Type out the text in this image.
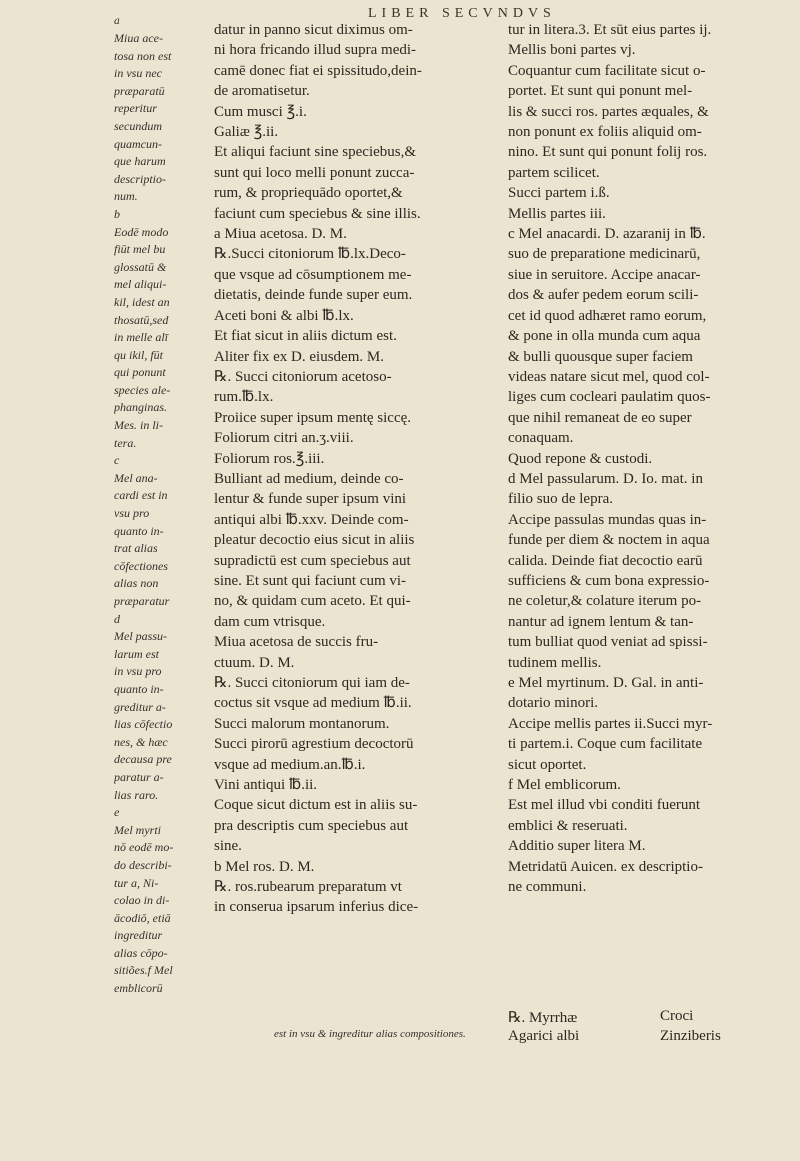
LIBER SECVNDVS
a
Miua ace-
tosa non est
in vsu nec
præparatū
reperitur
secundum
quamcun-
que harum
descriptio-
num.
b
Eodē modo
fiūt mel bu
glossatū &
mel aliqui-
kil, idest an
thosatū,sed
in melle alī
qu ikil, fūt
qui ponunt
species ale-
phanginas.
Mes. in li-
tera.
c
Mel ana-
cardi est in
vsu pro
quanto in-
trat alias
cōfectiones
alias non
præparatur
d
Mel passu-
larum est
in vsu pro
quanto in-
greditur a-
lias cōfectio
nes, & hæc
decausa pre
paratur a-
lias raro.
e
Mel myrti
nō eodē mo-
do describi-
tur a, Ni-
colao in di-
ācodiō, etiā
ingreditur
alias cōpo-
sitiões.f Mel
emblicorū
datur in panno sicut diximus om-
ni hora fricando illud supra medi-
camē donec fiat ei spissitudo,dein-
de aromatisetur.
Cum musci ℥.i.
Galiæ ℥.ii.
Et aliqui faciunt sine speciebus,&
sunt qui loco melli ponunt zucca-
rum, & propriequādo oportet,&
faciunt cum speciebus & sine illis.
a Miua acetosa. D. M.
℞.Succi citoniorum ℔.lx.Deco-
que vsque ad cōsumptionem me-
dietatis, deinde funde super eum.
Aceti boni & albi ℔.lx.
Et fiat sicut in aliis dictum est.
Aliter fix ex D. eiusdem. M.
℞. Succi citoniorum acetoso-
rum.℔.lx.
Proiice super ipsum mentę siccę.
Foliorum citri an.ʒ.viii.
Foliorum ros.℥.iii.
Bulliant ad medium, deinde co-
lentur & funde super ipsum vini
antiqui albi ℔.xxv. Deinde com-
pleatur decoctio eius sicut in aliis
supradictū est cum speciebus aut
sine. Et sunt qui faciunt cum vi-
no, & quidam cum aceto. Et qui-
dam cum vtrisque.
Miua acetosa de succis fru-
ctuum. D. M.
℞. Succi citoniorum qui iam de-
coctus sit vsque ad medium ℔.ii.
Succi malorum montanorum.
Succi pirorū agrestium decoctorū
vsque ad medium.an.℔.i.
Vini antiqui ℔.ii.
Coque sicut dictum est in aliis su-
pra descriptis cum speciebus aut
sine.
b Mel ros. D. M.
℞. ros.rubearum preparatum vt
in conserua ipsarum inferius dice-
est in vsu & ingreditur alias compositiones.
tur in litera.3. Et sūt eius partes ij.
Mellis boni partes vj.
Coquantur cum facilitate sicut o-
portet. Et sunt qui ponunt mel-
lis & succi ros. partes æquales, &
non ponunt ex foliis aliquid om-
nino. Et sunt qui ponunt folij ros.
partem scilicet.
Succi partem i.ß.
Mellis partes iii.
c Mel anacardi. D. azaranij in ℔.
suo de preparatione medicinarū,
siue in seruitore. Accipe anacar-
dos & aufer pedem eorum scili-
cet id quod adhæret ramo eorum,
& pone in olla munda cum aqua
& bulli quousque super faciem
videas natare sicut mel, quod col-
liges cum cocleari paulatim quos-
que nihil remaneat de eo super
conaquam.
Quod repone & custodi.
d Mel passularum. D. Io. mat. in
filio suo de lepra.
Accipe passulas mundas quas in-
funde per diem & noctem in aqua
calida. Deinde fiat decoctio earū
sufficiens & cum bona expressio-
ne coletur,& colature iterum po-
nantur ad ignem lentum & tan-
tum bulliat quod veniat ad spissi-
tudinem mellis.
e Mel myrtinum. D. Gal. in anti-
dotario minori.
Accipe mellis partes ii.Succi myr-
ti partem.i. Coque cum facilitate
sicut oportet.
f Mel emblicorum.
Est mel illud vbi conditi fuerunt
emblici & reseruati.
Additio super litera M.
Metridatū Auicen. ex descriptio-
ne communi.
℞. Myrrhæ	Croci
Agarici albi	Zinziberis
